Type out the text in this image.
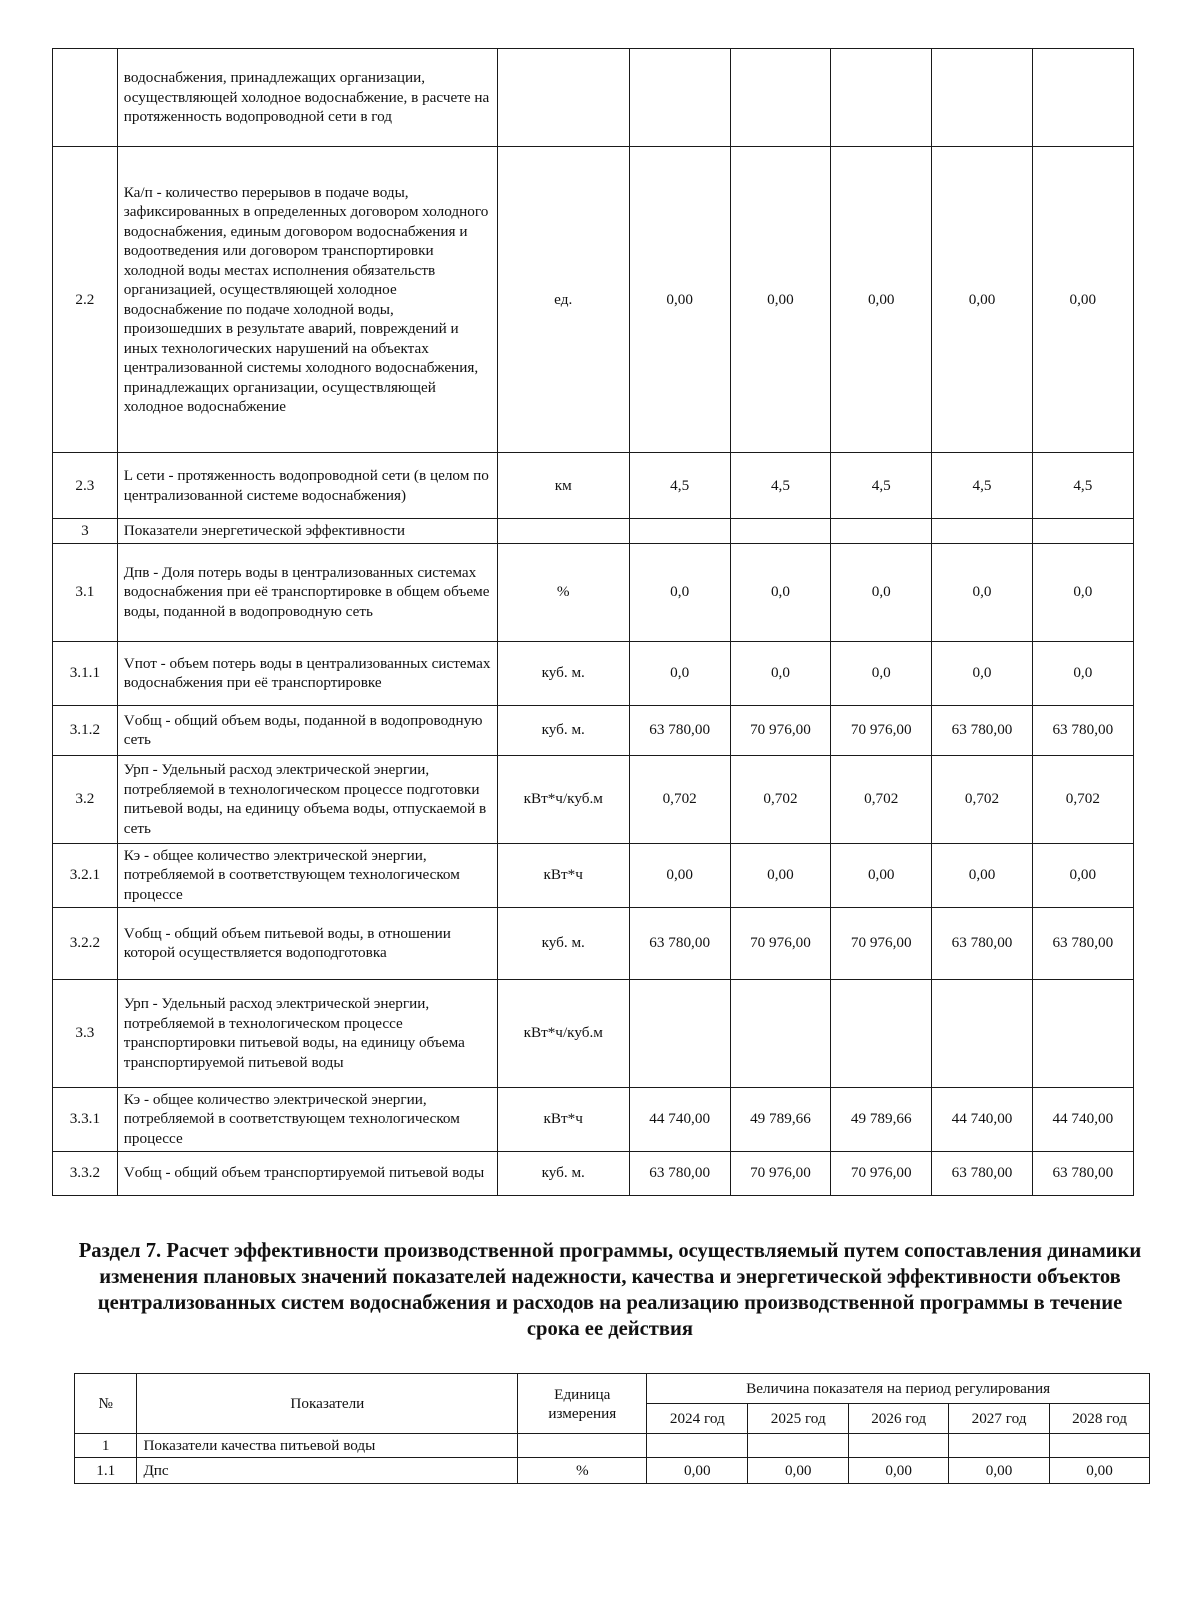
	водоснабжения, принадлежащих организации, осуществляющей холодное водоснабжение, в расчете на протяженность водопроводной сети в год						
2.2	Ка/п - количество перерывов в подаче воды, зафиксированных в определенных договором холодного водоснабжения, единым договором водоснабжения и водоотведения или договором транспортировки холодной воды местах исполнения обязательств организацией, осуществляющей холодное водоснабжение по подаче холодной воды, произошедших в результате аварий, повреждений и иных технологических нарушений на объектах централизованной системы холодного водоснабжения, принадлежащих организации, осуществляющей холодное водоснабжение	ед.	0,00	0,00	0,00	0,00	0,00
2.3	L сети - протяженность водопроводной сети (в целом по централизованной системе водоснабжения)	км	4,5	4,5	4,5	4,5	4,5
3	Показатели энергетической эффективности						
3.1	Дпв - Доля потерь воды в централизованных системах водоснабжения при её транспортировке в общем объеме воды, поданной в водопроводную сеть	%	0,0	0,0	0,0	0,0	0,0
3.1.1	Vпот - объем потерь воды в централизованных системах водоснабжения при её транспортировке	куб. м.	0,0	0,0	0,0	0,0	0,0
3.1.2	Vобщ - общий объем воды, поданной в водопроводную сеть	куб. м.	63 780,00	70 976,00	70 976,00	63 780,00	63 780,00
3.2	Урп - Удельный расход электрической энергии, потребляемой в технологическом процессе подготовки питьевой воды, на единицу объема воды, отпускаемой в сеть	кВт*ч/куб.м	0,702	0,702	0,702	0,702	0,702
3.2.1	Кэ - общее количество электрической энергии, потребляемой в соответствующем технологическом процессе	кВт*ч	0,00	0,00	0,00	0,00	0,00
3.2.2	Vобщ - общий объем питьевой воды, в отношении которой осуществляется водоподготовка	куб. м.	63 780,00	70 976,00	70 976,00	63 780,00	63 780,00
3.3	Урп - Удельный расход электрической энергии, потребляемой в технологическом процессе транспортировки питьевой воды, на единицу объема транспортируемой питьевой воды	кВт*ч/куб.м					
3.3.1	Кэ - общее количество электрической энергии, потребляемой в соответствующем технологическом процессе	кВт*ч	44 740,00	49 789,66	49 789,66	44 740,00	44 740,00
3.3.2	Vобщ - общий объем транспортируемой питьевой воды	куб. м.	63 780,00	70 976,00	70 976,00	63 780,00	63 780,00
Раздел 7. Расчет эффективности производственной программы, осуществляемый путем сопоставления динамики изменения плановых значений показателей надежности, качества и энергетической эффективности объектов централизованных систем водоснабжения и расходов на реализацию производственной программы в течение срока ее действия
№	Показатели	Единица измерения	Величина показателя на период регулирования				
			2024 год	2025 год	2026 год	2027 год	2028 год
1	Показатели качества питьевой воды						
1.1	Дпс	%	0,00	0,00	0,00	0,00	0,00
